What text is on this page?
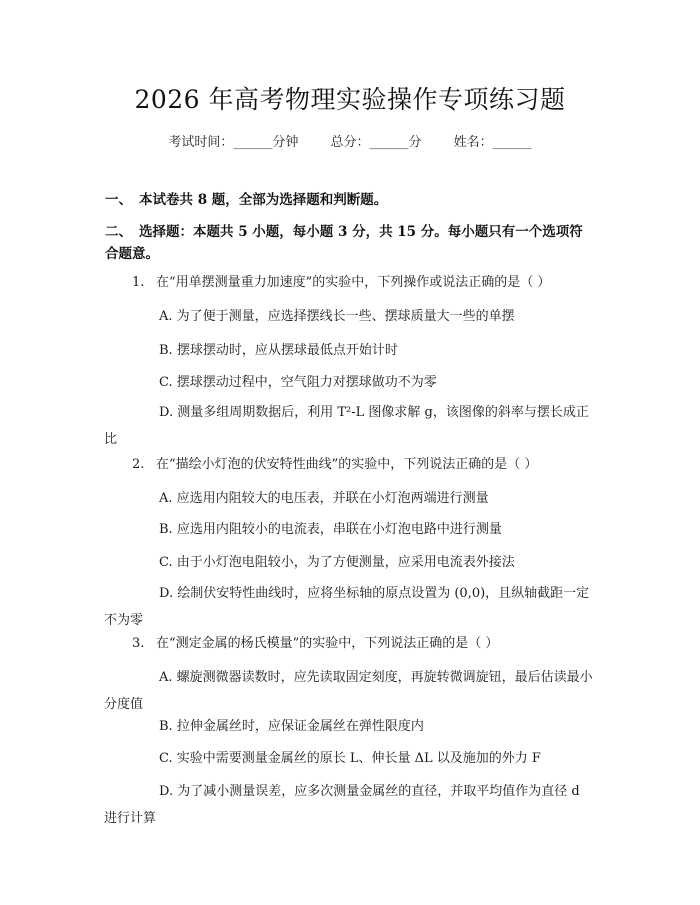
2026 年高考物理实验操作专项练习题
考试时间：______分钟 总分：______分 姓名：______
一、 本试卷共 8 题，全部为选择题和判断题。
二、 选择题：本题共 5 小题，每小题 3 分，共 15 分。每小题只有一个选项符合题意。
1. 在“用单摆测量重力加速度”的实验中，下列操作或说法正确的是（ ）
A. 为了便于测量，应选择摆线长一些、摆球质量大一些的单摆
B. 摆球摆动时，应从摆球最低点开始计时
C. 摆球摆动过程中，空气阻力对摆球做功不为零
D. 测量多组周期数据后，利用 T²-L 图像求解 g，该图像的斜率与摆长成正比
2. 在“描绘小灯泡的伏安特性曲线”的实验中，下列说法正确的是（ ）
A. 应选用内阻较大的电压表，并联在小灯泡两端进行测量
B. 应选用内阻较小的电流表，串联在小灯泡电路中进行测量
C. 由于小灯泡电阻较小，为了方便测量，应采用电流表外接法
D. 绘制伏安特性曲线时，应将坐标轴的原点设置为 (0,0)，且纵轴截距一定不为零
3. 在“测定金属的杨氏模量”的实验中，下列说法正确的是（ ）
A. 螺旋测微器读数时，应先读取固定刻度，再旋转微调旋钮，最后估读最小分度值
B. 拉伸金属丝时，应保证金属丝在弹性限度内
C. 实验中需要测量金属丝的原长 L、伸长量 ΔL 以及施加的外力 F
D. 为了减小测量误差，应多次测量金属丝的直径，并取平均值作为直径 d 进行计算
